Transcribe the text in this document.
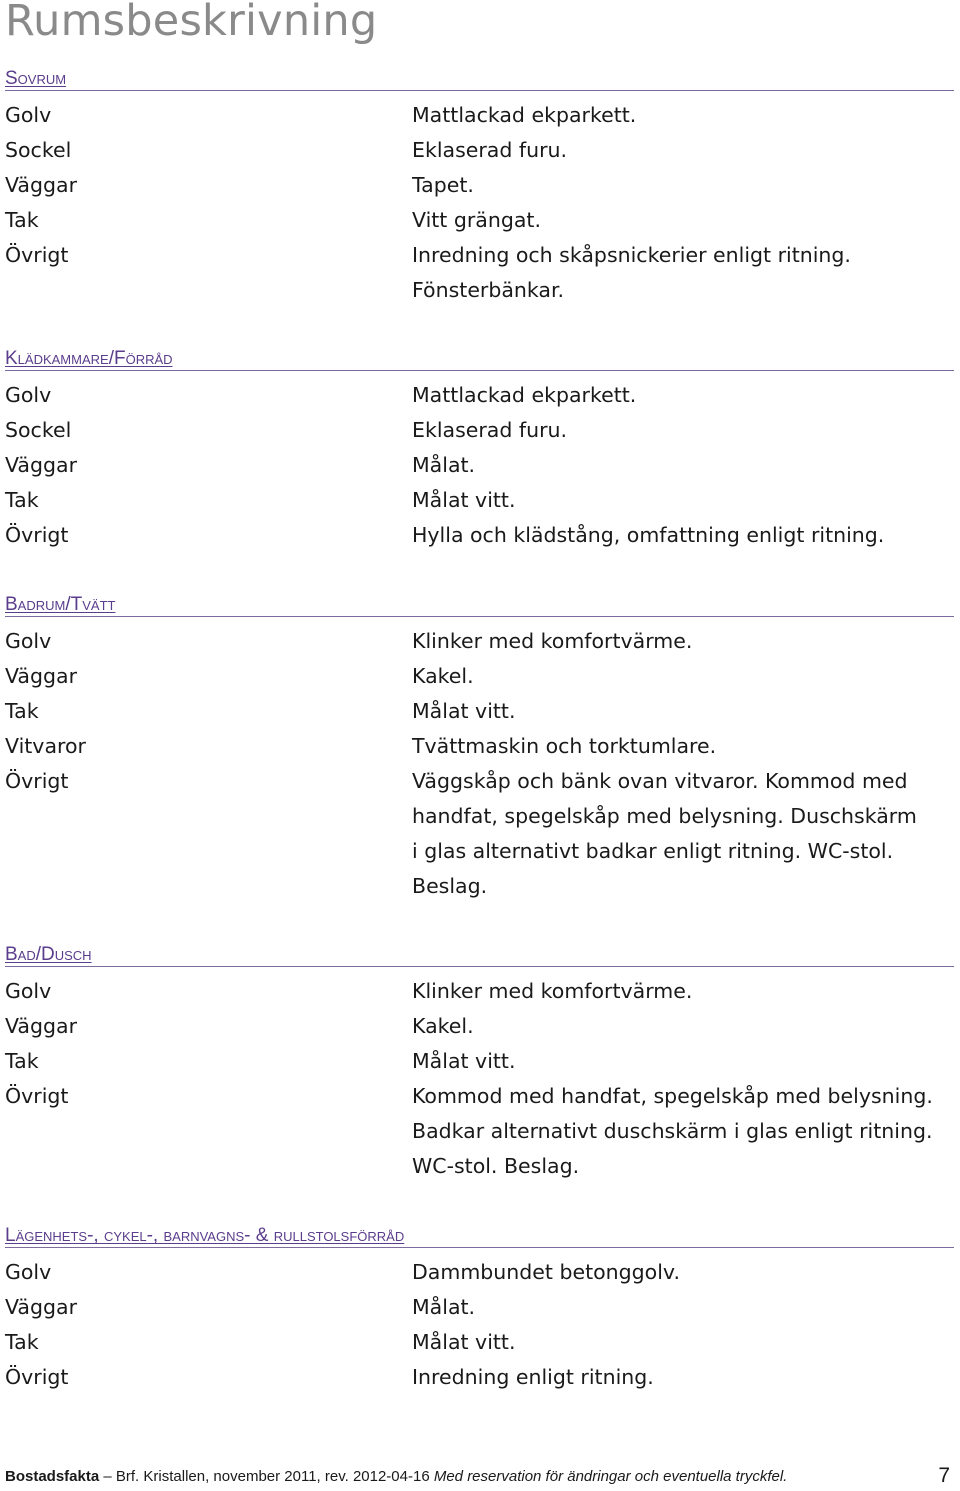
Rumsbeskrivning
Sovrum
Golv	Mattlackad ekparkett.
Sockel	Eklaserad furu.
Väggar	Tapet.
Tak	Vitt grängat.
Övrigt	Inredning och skåpsnickerier enligt ritning. Fönsterbänkar.
Klädkammare/Förråd
Golv	Mattlackad ekparkett.
Sockel	Eklaserad furu.
Väggar	Målat.
Tak	Målat vitt.
Övrigt	Hylla och klädstång, omfattning enligt ritning.
Badrum/Tvätt
Golv	Klinker med komfortvärme.
Väggar	Kakel.
Tak	Målat vitt.
Vitvaror	Tvättmaskin och torktumlare.
Övrigt	Väggskåp och bänk ovan vitvaror. Kommod med handfat, spegelskåp med belysning. Duschskärm i glas alternativt badkar enligt ritning. WC-stol. Beslag.
Bad/Dusch
Golv	Klinker med komfortvärme.
Väggar	Kakel.
Tak	Målat vitt.
Övrigt	Kommod med handfat, spegelskåp med belysning. Badkar alternativt duschskärm i glas enligt ritning. WC-stol. Beslag.
Lägenhets-, cykel-, barnvagns- & rullstolsförråd
Golv	Dammbundet betonggolv.
Väggar	Målat.
Tak	Målat vitt.
Övrigt	Inredning enligt ritning.
Bostadsfakta – Brf. Kristallen, november 2011, rev. 2012-04-16 Med reservation för ändringar och eventuella tryckfel.	7
